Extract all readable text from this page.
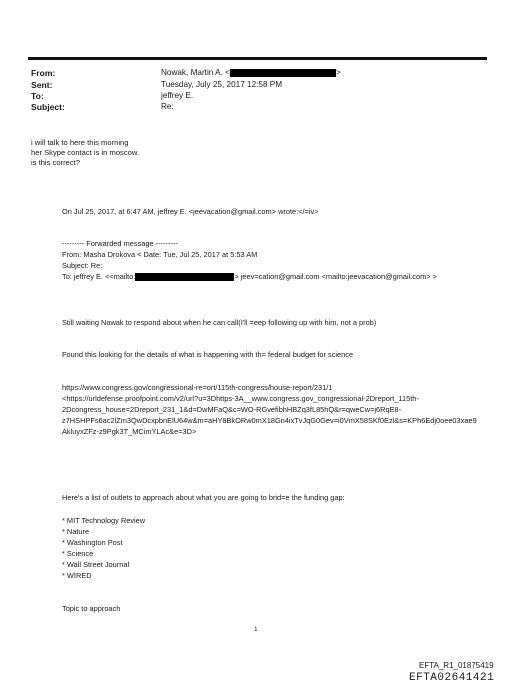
From:
Sent:
To:
Subject:
Nowak, Martin A. <	>
Tuesday, July 25, 2017 12:58 PM
jeffrey E.
Re:
i will talk to here this morning
her Skype contact is in moscow.
is this correct?
On Jul 25, 2017, at 6:47 AM, jeffrey E. <jeevacation@gmail.com> wrote:</=iv>
--------- Forwarded message ---------
From: Masha Drokova < Date: Tue, Jul 25, 2017 at 5:53 AM
Subject: Re:
To: jeffrey E. <<mailto:	> jeev=cation@gmail.com <mailto:jeevacation@gmail.com> >
Still waiting Nowak to respond about when he can call(I'll =eep following up with him, not a prob)
Found this looking for the details of what is happening with th= federal budget for science
https://www.congress.gov/congressional-re=ort/115th-congress/house-report/231/1
<https://urldefense.proofpoint.com/v2/url?u=3Dhttps-3A__www.congress.gov_congressional-2Dreport_115th-
2Dcongress_house=2Dreport_231_1&d=DwMFaQ&c=WO-RGvefibhHBZq3fL85hQ&r=qweCw=j6RqE8-
z7HSHPFs6ac2lZm3QwDcxpbnElU64w&m=aHY8BkORw0mX18Gn4ixTvJqG0Gev=i0VmX58SKf0Ezl&s=KPh6Edj0oee03xae9
AkluyxZFz-z9Pgk3T_MCimYLAc&e=3D>
Here's a list of outlets to approach about what you are going to brid=e the funding gap:
* MIT Technology Review
* Nature
* Washington Post
* Science
* Wall Street Journal
* WIRED
Topic to approach
1
EFTA_R1_01875419
EFTA02641421
